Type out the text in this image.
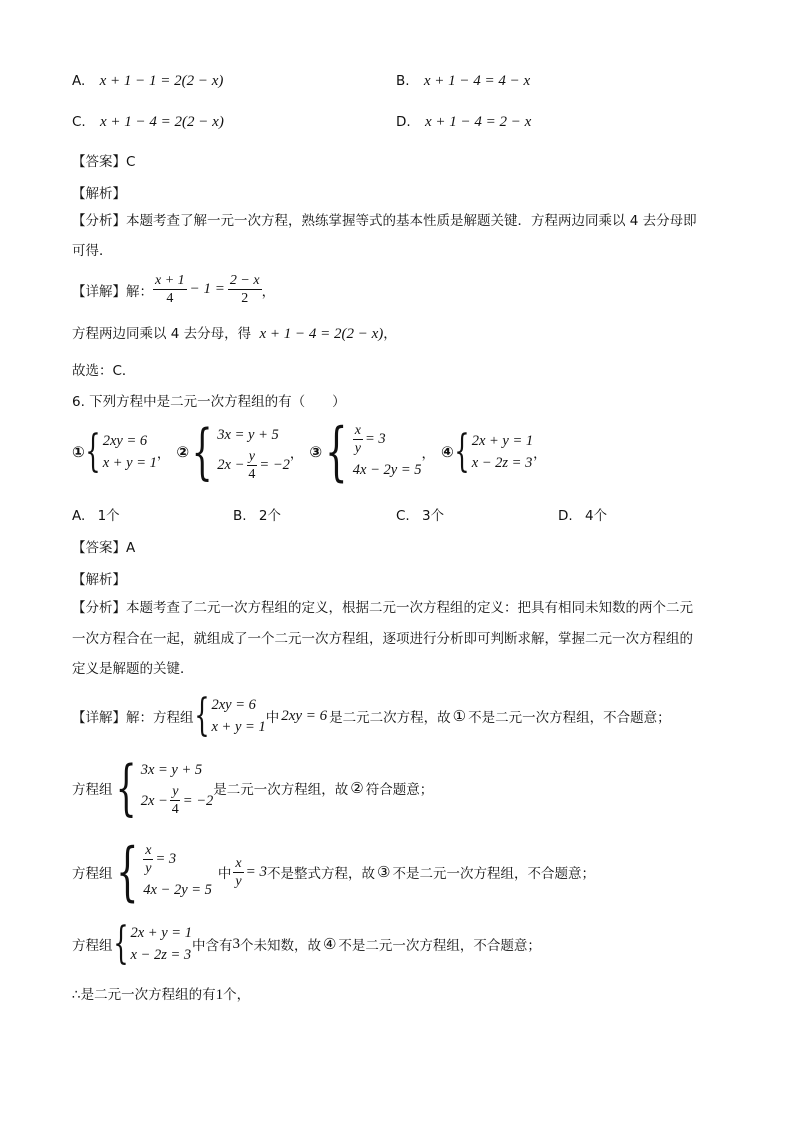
A. x + 1 − 1 = 2(2 − x)	B. x + 1 − 4 = 4 − x
C. x + 1 − 4 = 2(2 − x)	D. x + 1 − 4 = 2 − x
【答案】C
【解析】
【分析】本题考查了解一元一次方程，熟练掌握等式的基本性质是解题关键．方程两边同乘以 4 去分母即
可得．
【详解】 解： $\frac{x + 1}{4} - 1 = \frac{2 - x}{2}$ ，
方程两边同乘以 4 去分母，得 x + 1 − 4 = 2(2 − x)，
故选：C．
6. 下列方程中是二元一次方程组的有（　　）
① { 2xy = 6
x + y = 1
， ② { 3x = y + 5
$2x - \frac{y}{4} = -2$
， ③ { $\frac{x}{y} = 3$
4x − 2y = 5
， ④ { 2x + y = 1
x − 2z = 3
，
A. 1个	B. 2个	C. 3个	D. 4个
【答案】A
【解析】
【分析】本题考查了二元一次方程组的定义，根据二元一次方程组的定义：把具有相同未知数的两个二元
一次方程合在一起，就组成了一个二元一次方程组，逐项进行分析即可判断求解，掌握二元一次方程组的
定义是解题的关键．
【详解】 解：方程组 { 2xy = 6
x + y = 1
中 2xy = 6 是二元二次方程，故 ① 不是二元一次方程组，不合题意；
方程组 { 3x = y + 5
$2x - \frac{y}{4} = -2$
是二元一次方程组，故 ② 符合题意；
方程组 { $\frac{x}{y} = 3$
4x − 2y = 5
中 $\frac{x}{y} = 3$ 不是整式方程，故 ③ 不是二元一次方程组，不合题意；
方程组 { 2x + y = 1
x − 2z = 3
中含有 3 个未知数，故 ④ 不是二元一次方程组，不合题意；
∴是二元一次方程组的有1个，
